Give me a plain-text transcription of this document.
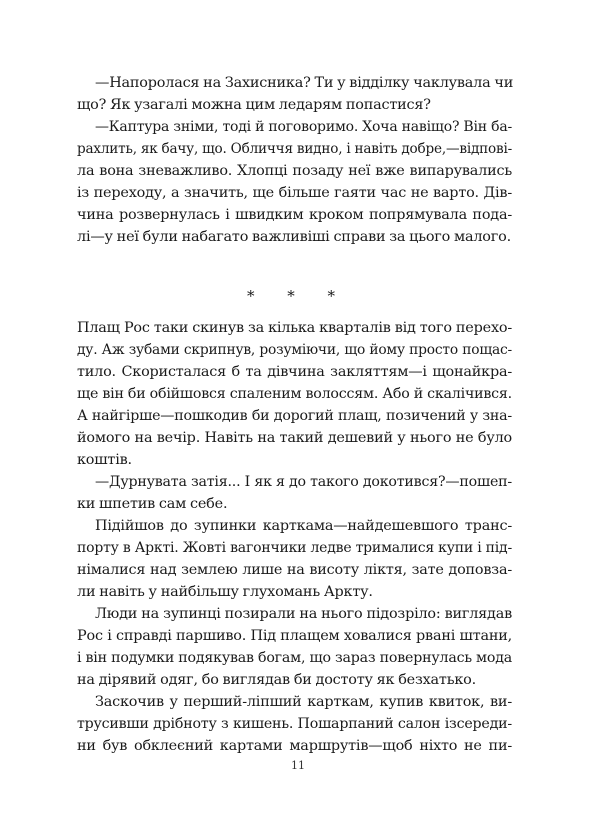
—Напоролася на Захисника? Ти у відділку чаклувала чи
що? Як узагалі можна цим ледарям попастися?
—Каптура зніми, тоді й поговоримо. Хоча навіщо? Він ба-
рахлить, як бачу, що. Обличчя видно, і навіть добре,—відпові-
ла вона зневажливо. Хлопці позаду неї вже випарувались
із переходу, а значить, ще більше гаяти час не варто. Дів-
чина розвернулась і швидким кроком попрямувала пода-
лі—у неї були набагато важливіші справи за цього малого.
* * *
Плащ Рос таки скинув за кілька кварталів від того перехо-
ду. Аж зубами скрипнув, розуміючи, що йому просто пощас-
тило. Скористалася б та дівчина закляттям—і щонайкра-
ще він би обійшовся спаленим волоссям. Або й скалічився.
А найгірше—пошкодив би дорогий плащ, позичений у зна-
йомого на вечір. Навіть на такий дешевий у нього не було
коштів.
—Дурнувата затія... І як я до такого докотився?—пошеп-
ки шпетив сам себе.
Підійшов до зупинки карткама—найдешевшого транс-
порту в Аркті. Жовті вагончики ледве трималися купи і під-
німалися над землею лише на висоту ліктя, зате доповза-
ли навіть у найбільшу глухомань Аркту.
Люди на зупинці позирали на нього підозріло: виглядав
Рос і справді паршиво. Під плащем ховалися рвані штани,
і він подумки подякував богам, що зараз повернулась мода
на дірявий одяг, бо виглядав би достоту як безхатько.
Заскочив у перший-ліпший карткам, купив квиток, ви-
трусивши дрібноту з кишень. Пошарпаний салон ізсереди-
ни був обклеєний картами маршрутів—щоб ніхто не пи-
11
